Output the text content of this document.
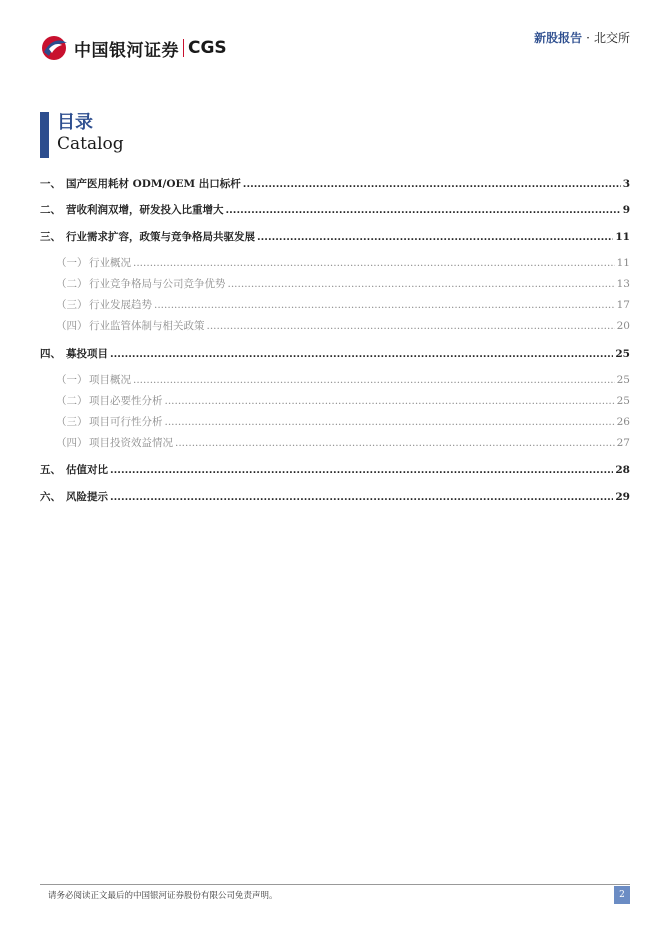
中国银河证券 CGS	新股报告 · 北交所
目录
Catalog
一、 国产医用耗材 ODM/OEM 出口标杆 .....	3
二、 营收利润双增，研发投入比重增大 .....	9
三、 行业需求扩容，政策与竞争格局共驱发展 .....	11
（一） 行业概况 .....	11
（二） 行业竞争格局与公司竞争优势 .....	13
（三） 行业发展趋势 .....	17
（四） 行业监管体制与相关政策 .....	20
四、 募投项目 .....	25
（一） 项目概况 .....	25
（二） 项目必要性分析 .....	25
（三） 项目可行性分析 .....	26
（四） 项目投资效益情况 .....	27
五、 估值对比 .....	28
六、 风险提示 .....	29
请务必阅读正文最后的中国银河证券股份有限公司免责声明。	2
